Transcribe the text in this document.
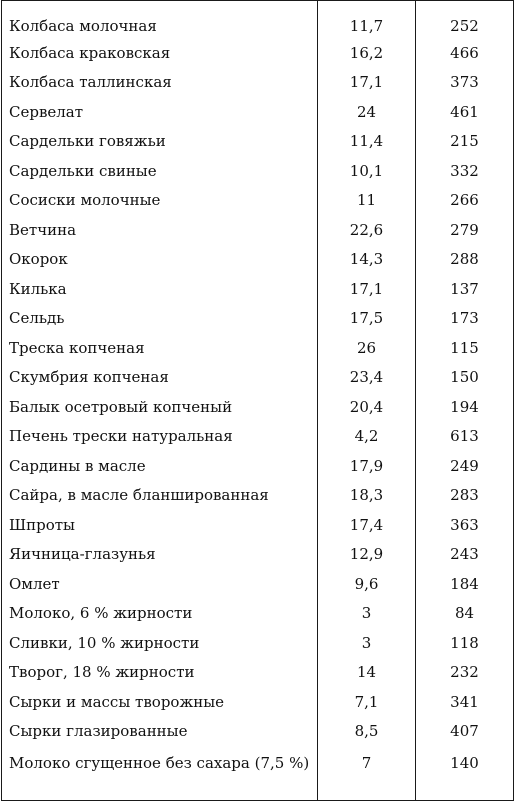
Колбаса молочная	11,7	252
Колбаса краковская	16,2	466
Колбаса таллинская	17,1	373
Сервелат	24	461
Сардельки говяжьи	11,4	215
Сардельки свиные	10,1	332
Сосиски молочные	11	266
Ветчина	22,6	279
Окорок	14,3	288
Килька	17,1	137
Сельдь	17,5	173
Треска копченая	26	115
Скумбрия копченая	23,4	150
Балык осетровый копченый	20,4	194
Печень трески натуральная	4,2	613
Сардины в масле	17,9	249
Сайра, в масле бланшированная	18,3	283
Шпроты	17,4	363
Яичница-глазунья	12,9	243
Омлет	9,6	184
Молоко, 6 % жирности	3	84
Сливки, 10 % жирности	3	118
Творог, 18 % жирности	14	232
Сырки и массы творожные	7,1	341
Сырки глазированные	8,5	407
Молоко сгущенное без сахара (7,5 %)	7	140
